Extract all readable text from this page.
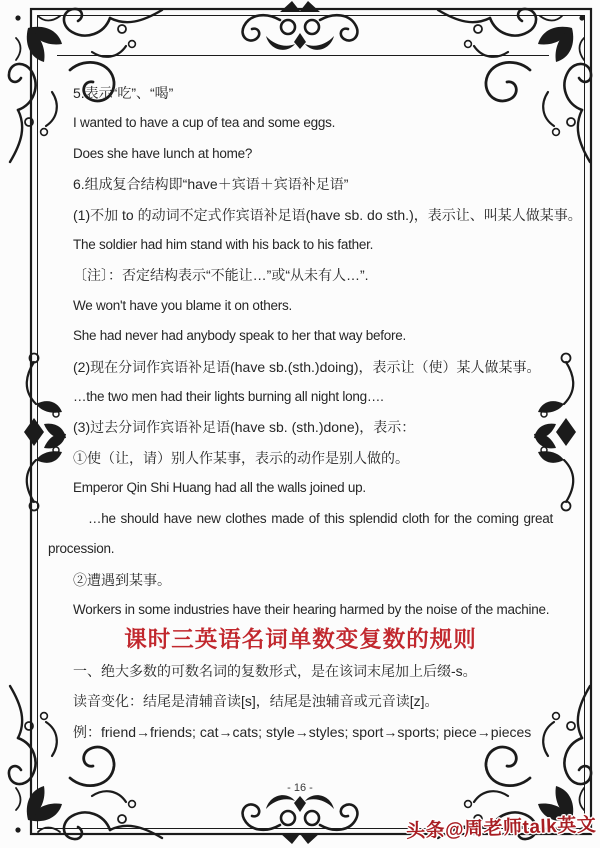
5.表示“吃”、“喝”

I wanted to have a cup of tea and some eggs.

Does she have lunch at home?

6.组成复合结构即“have＋宾语＋宾语补足语”

(1)不加 to 的动词不定式作宾语补足语(have sb. do sth.)，表示让、叫某人做某事。

The soldier had him stand with his back to his father.

〔注〕：否定结构表示“不能让…”或“从未有人…”.

We won't have you blame it on others.

She had never had anybody speak to her that way before.

(2)现在分词作宾语补足语(have sb.(sth.)doing)，表示让（使）某人做某事。

…the two men had their lights burning all night long….

(3)过去分词作宾语补足语(have sb. (sth.)done)，表示：

①使（让，请）别人作某事，表示的动作是别人做的。

Emperor Qin Shi Huang had all the walls joined up.

…he should have new clothes made of this splendid cloth for the coming great procession.

②遭遇到某事。

Workers in some industries have their hearing harmed by the noise of the machine.

课时三英语名词单数变复数的规则

一、绝大多数的可数名词的复数形式，是在该词末尾加上后缀-s。

读音变化：结尾是清辅音读[s]，结尾是浊辅音或元音读[z]。

例：friend→friends; cat→cats; style→styles; sport→sports; piece→pieces

- 16 -
头条@周老师talk英文
